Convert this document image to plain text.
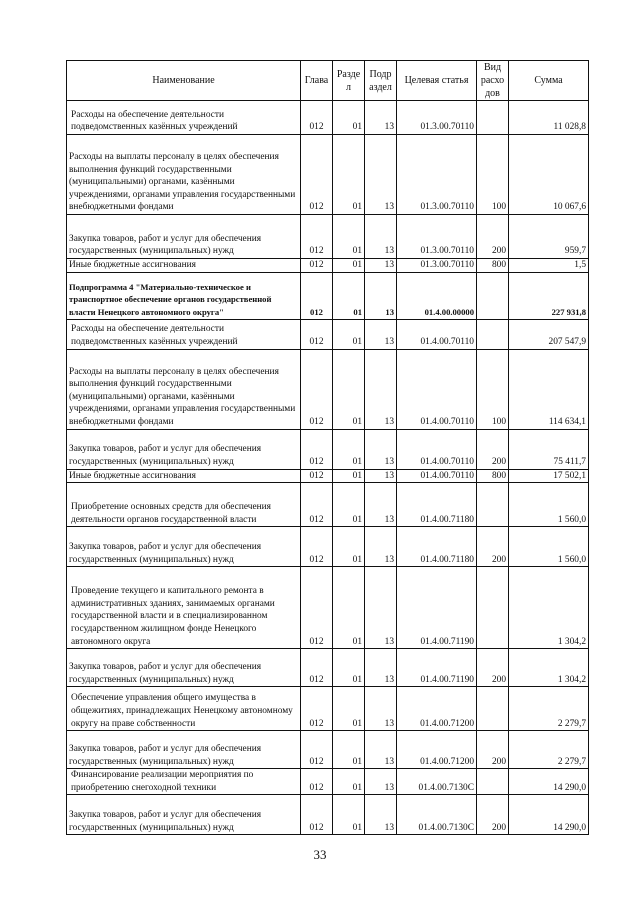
Наименование	Глава	Разде л	Подр аздел	Целевая статья	Вид расхо дов	Сумма
Расходы на обеспечение деятельности подведомственных казённых учреждений	012	01	13	01.3.00.70110		11 028,8
Расходы на выплаты персоналу в целях обеспечения выполнения функций государственными (муниципальными) органами, казёнными учреждениями, органами управления государственными внебюджетными фондами	012	01	13	01.3.00.70110	100	10 067,6
Закупка товаров, работ и услуг для обеспечения государственных (муниципальных) нужд	012	01	13	01.3.00.70110	200	959,7
Иные бюджетные ассигнования	012	01	13	01.3.00.70110	800	1,5
Подпрограмма 4 "Материально-техническое и транспортное обеспечение органов государственной власти Ненецкого автономного округа"	012	01	13	01.4.00.00000		227 931,8
Расходы на обеспечение деятельности подведомственных казённых учреждений	012	01	13	01.4.00.70110		207 547,9
Расходы на выплаты персоналу в целях обеспечения выполнения функций государственными (муниципальными) органами, казёнными учреждениями, органами управления государственными внебюджетными фондами	012	01	13	01.4.00.70110	100	114 634,1
Закупка товаров, работ и услуг для обеспечения государственных (муниципальных) нужд	012	01	13	01.4.00.70110	200	75 411,7
Иные бюджетные ассигнования	012	01	13	01.4.00.70110	800	17 502,1
Приобретение основных средств для обеспечения деятельности органов государственной власти	012	01	13	01.4.00.71180		1 560,0
Закупка товаров, работ и услуг для обеспечения государственных (муниципальных) нужд	012	01	13	01.4.00.71180	200	1 560,0
Проведение текущего и капитального ремонта в административных зданиях, занимаемых органами государственной власти и в специализированном государственном жилищном фонде Ненецкого автономного округа	012	01	13	01.4.00.71190		1 304,2
Закупка товаров, работ и услуг для обеспечения государственных (муниципальных) нужд	012	01	13	01.4.00.71190	200	1 304,2
Обеспечение управления общего имущества в общежитиях, принадлежащих Ненецкому автономному округу на праве собственности	012	01	13	01.4.00.71200		2 279,7
Закупка товаров, работ и услуг для обеспечения государственных (муниципальных) нужд	012	01	13	01.4.00.71200	200	2 279,7
Финансирование реализации мероприятия по приобретению снегоходной техники	012	01	13	01.4.00.7130С		14 290,0
Закупка товаров, работ и услуг для обеспечения государственных (муниципальных) нужд	012	01	13	01.4.00.7130С	200	14 290,0
33
